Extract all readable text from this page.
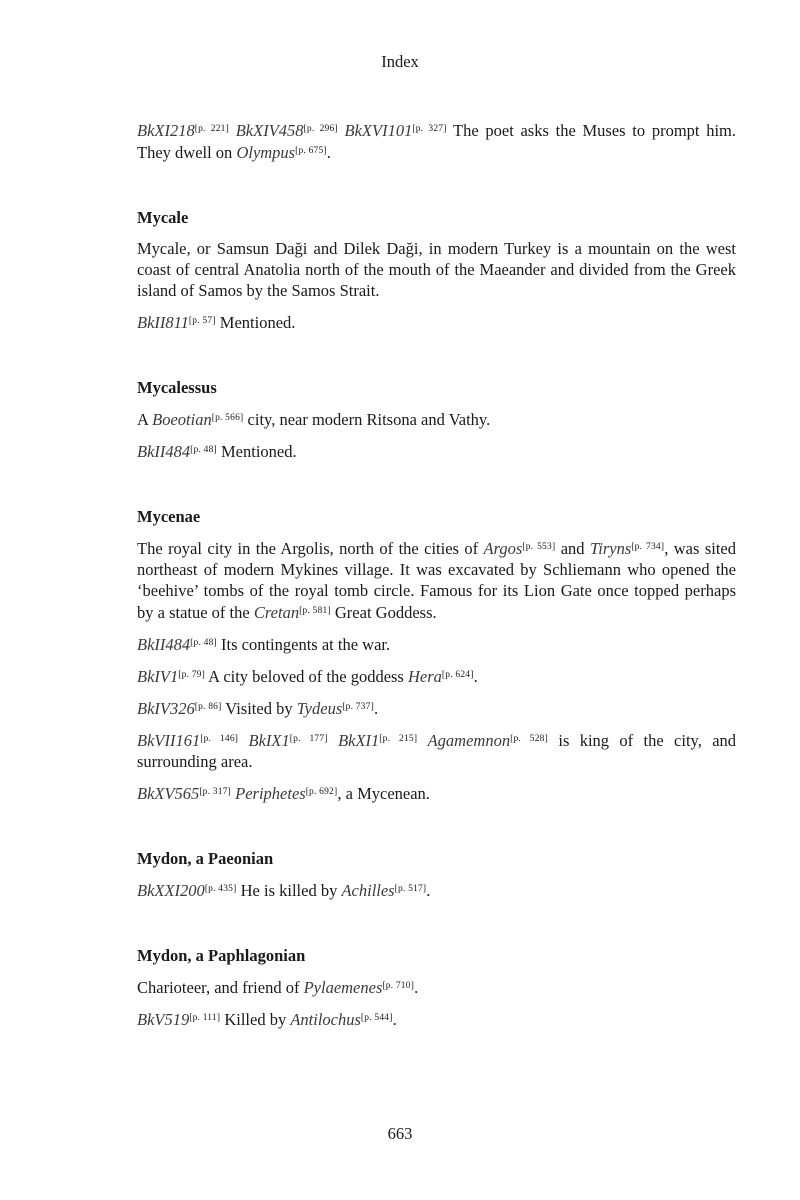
Index

BkXI218[p. 221] BkXIV458[p. 296] BkXVI101[p. 327] The poet asks the Muses to prompt him. They dwell on Olympus[p. 675].

Mycale

Mycale, or Samsun Daği and Dilek Daği, in modern Turkey is a mountain on the west coast of central Anatolia north of the mouth of the Maeander and divided from the Greek island of Samos by the Samos Strait.

BkII811[p. 57] Mentioned.

Mycalessus

A Boeotian[p. 566] city, near modern Ritsona and Vathy.

BkII484[p. 48] Mentioned.

Mycenae

The royal city in the Argolis, north of the cities of Argos[p. 553] and Tiryns[p. 734], was sited northeast of modern Mykines village. It was excavated by Schliemann who opened the ‘beehive’ tombs of the royal tomb circle. Famous for its Lion Gate once topped perhaps by a statue of the Cretan[p. 581] Great Goddess.

BkII484[p. 48] Its contingents at the war.

BkIV1[p. 79] A city beloved of the goddess Hera[p. 624].

BkIV326[p. 86] Visited by Tydeus[p. 737].

BkVII161[p. 146] BkIX1[p. 177] BkXI1[p. 215] Agamemnon[p. 528] is king of the city, and surrounding area.

BkXV565[p. 317] Periphetes[p. 692], a Mycenean.

Mydon, a Paeonian

BkXXI200[p. 435] He is killed by Achilles[p. 517].

Mydon, a Paphlagonian

Charioteer, and friend of Pylaemenes[p. 710].

BkV519[p. 111] Killed by Antilochus[p. 544].

663
